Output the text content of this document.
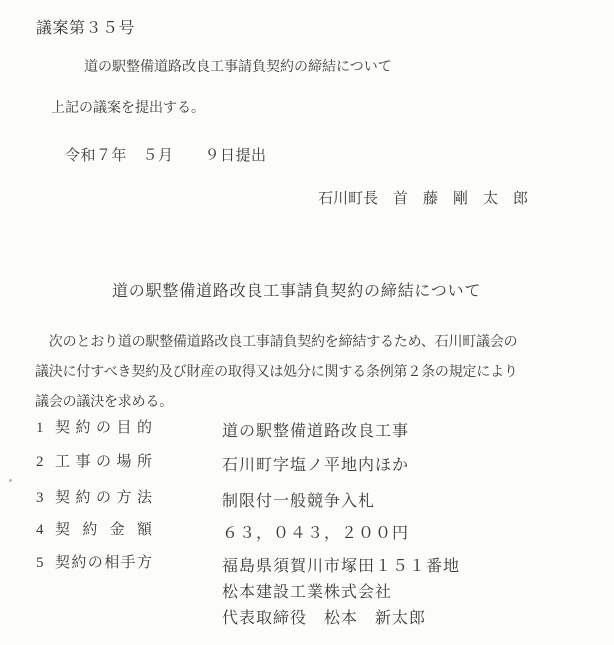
議案第３５号
道の駅整備道路改良工事請負契約の締結について
上記の議案を提出する。
令和７年　５月　　９日提出
石川町長　首　藤　剛　太　郎
道の駅整備道路改良工事請負契約の締結について
　次のとおり道の駅整備道路改良工事請負契約を締結するため、石川町議会の
議決に付すべき契約及び財産の取得又は処分に関する条例第２条の規定により
議会の議決を求める。
1 契約の目的	道の駅整備道路改良工事
2 工事の場所	石川町字塩ノ平地内ほか
3 契約の方法	制限付一般競争入札
4 契約金額	６３，０４３，２００円
5 契約の相手方	福島県須賀川市塚田１５１番地
松本建設工業株式会社
代表取締役　松本　新太郎
